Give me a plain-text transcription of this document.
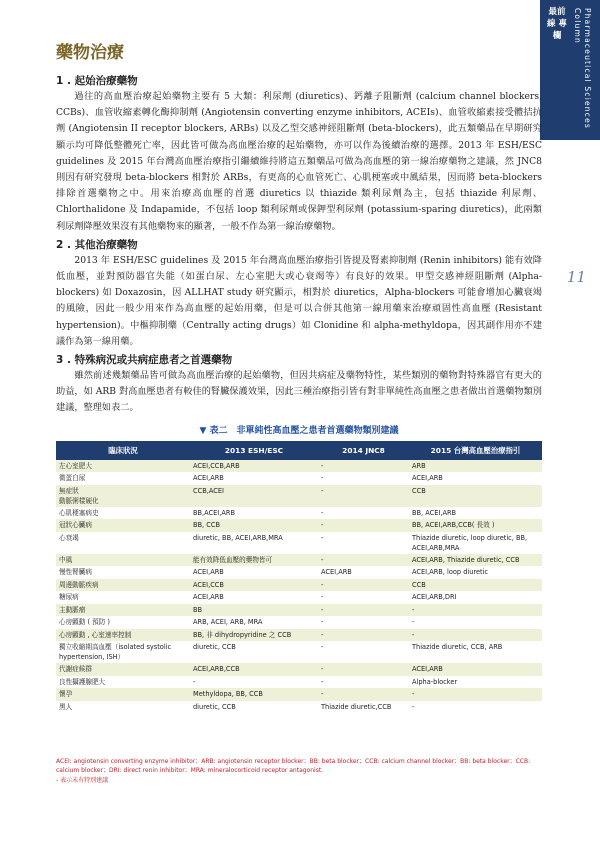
最前線 專欄	Pharmaceutical Sciences Column
11
藥物治療
1 . 起始治療藥物

過往的高血壓治療起始藥物主要有 5 大類：利尿劑 (diuretics)、鈣離子阻斷劑 (calcium channel blockers, CCBs)、血管收縮素轉化酶抑制劑 (Angiotensin converting enzyme inhibitors, ACEIs)、血管收縮素接受體拮抗劑 (Angiotensin II receptor blockers, ARBs) 以及乙型交感神經阻斷劑 (beta-blockers)，此五類藥品在早期研究顯示均可降低整體死亡率，因此皆可做為高血壓治療的起始藥物，亦可以作為後續治療的選擇。2013 年 ESH/ESC guidelines 及 2015 年台灣高血壓治療指引繼續維持將這五類藥品可做為高血壓的第一線治療藥物之建議，然 JNC8 則因有研究發現 beta-blockers 相對於 ARBs，有更高的心血管死亡、心肌梗塞或中風結果，因而將 beta-blockers 排除首選藥物之中。用來治療高血壓的首選 diuretics 以 thiazide 類利尿劑為主，包括 thiazide 利尿劑、Chlorthalidone 及 Indapamide，不包括 loop 類利尿劑或保鉀型利尿劑 (potassium-sparing diuretics)，此兩類利尿劑降壓效果沒有其他藥物來的顯著，一般不作為第一線治療藥物。

2 . 其他治療藥物

2013 年 ESH/ESC guidelines 及 2015 年台灣高血壓治療指引皆提及腎素抑制劑 (Renin inhibitors) 能有效降低血壓，並對預防器官失能（如蛋白尿、左心室肥大或心衰竭等）有良好的效果。甲型交感神經阻斷劑 (Alpha-blockers) 如 Doxazosin，因 ALLHAT study 研究顯示，相對於 diuretics，Alpha-blockers 可能會增加心臟衰竭的風險，因此一般少用來作為高血壓的起始用藥，但是可以合併其他第一線用藥來治療頑固性高血壓 (Resistant hypertension)。中樞抑制藥（Centrally acting drugs）如 Clonidine 和 alpha-methyldopa，因其副作用亦不建議作為第一線用藥。

3 . 特殊病況或共病症患者之首選藥物

雖然前述幾類藥品皆可做為高血壓治療的起始藥物，但因共病症及藥物特性，某些類別的藥物對特殊器官有更大的助益，如 ARB 對高血壓患者有較佳的腎臟保護效果，因此三種治療指引皆有對非單純性高血壓之患者做出首選藥物類別建議，整理如表二。

▼ 表二　非單純性高血壓之患者首選藥物類別建議
臨床狀況	2013 ESH/ESC	2014 JNC8	2015 台灣高血壓治療指引
左心室肥大	ACEI,CCB,ARB	-	ARB
微蛋白尿	ACEI,ARB	-	ACEI,ARB
無症狀
動脈粥樣硬化	CCB,ACEI	-	CCB
心肌梗塞病史	BB,ACEI,ARB	-	BB, ACEI,ARB
冠狀心臟病	BB, CCB	-	BB, ACEI,ARB,CCB( 長效 )
心衰竭	diuretic, BB, ACEI,ARB,MRA	-	Thiazide diuretic, loop diuretic, BB, ACEI,ARB,MRA
中風	能有效降低血壓的藥物皆可	-	ACEI,ARB, Thiazide diuretic, CCB
慢性腎臟病	ACEI,ARB	ACEI,ARB	ACEI,ARB, loop diuretic
周邊動脈疾病	ACEI,CCB	-	CCB
糖尿病	ACEI,ARB	-	ACEI,ARB,DRI
主動脈瘤	BB	-	-
心房顫動 ( 預防 )	ARB, ACEI, ARB, MRA	-	-
心房顫動 , 心室速率控制	BB, 非 dihydropyridine 之 CCB	-	-
獨立收縮期高血壓（isolated systolic hypertension, ISH）	diuretic, CCB	-	Thiazide diuretic, CCB, ARB
代謝症候群	ACEI,ARB,CCB	-	ACEI,ARB
良性攝護腺肥大	-	-	Alpha-blocker
懷孕	Methyldopa, BB, CCB	-	-
黑人	diuretic, CCB	Thiazide diuretic,CCB	-
ACEI: angiotensin converting enzyme inhibitor；ARB: angiotensin receptor blocker；BB: beta blocker；CCB: calcium channel blocker；BB: beta blocker；CCB: calcium blocker；DRI: direct renin inhibitor；MRA: mineralocorticoid receptor antagonist.
- 表示未有特別建議
